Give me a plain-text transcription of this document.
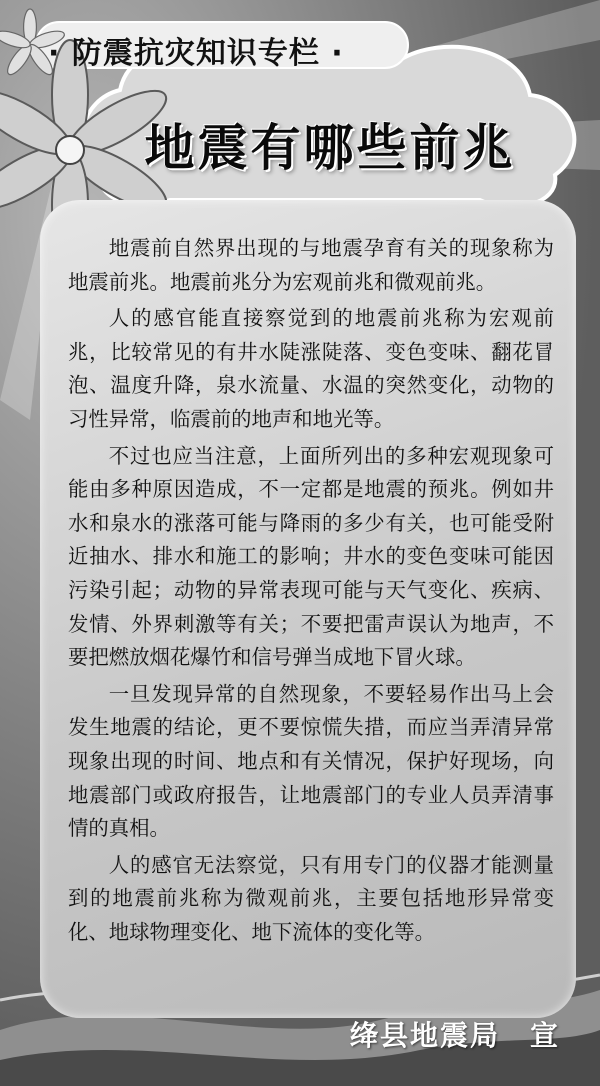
· 防震抗灾知识专栏 ·
地震有哪些前兆

地震前自然界出现的与地震孕育有关的现象称为地震前兆。地震前兆分为宏观前兆和微观前兆。

人的感官能直接察觉到的地震前兆称为宏观前兆，比较常见的有井水陡涨陡落、变色变味、翻花冒泡、温度升降，泉水流量、水温的突然变化，动物的习性异常，临震前的地声和地光等。

不过也应当注意，上面所列出的多种宏观现象可能由多种原因造成，不一定都是地震的预兆。例如井水和泉水的涨落可能与降雨的多少有关，也可能受附近抽水、排水和施工的影响；井水的变色变味可能因污染引起；动物的异常表现可能与天气变化、疾病、发情、外界刺激等有关；不要把雷声误认为地声，不要把燃放烟花爆竹和信号弹当成地下冒火球。

一旦发现异常的自然现象，不要轻易作出马上会发生地震的结论，更不要惊慌失措，而应当弄清异常现象出现的时间、地点和有关情况，保护好现场，向地震部门或政府报告，让地震部门的专业人员弄清事情的真相。

人的感官无法察觉，只有用专门的仪器才能测量到的地震前兆称为微观前兆，主要包括地形异常变化、地球物理变化、地下流体的变化等。

绛县地震局　宣
